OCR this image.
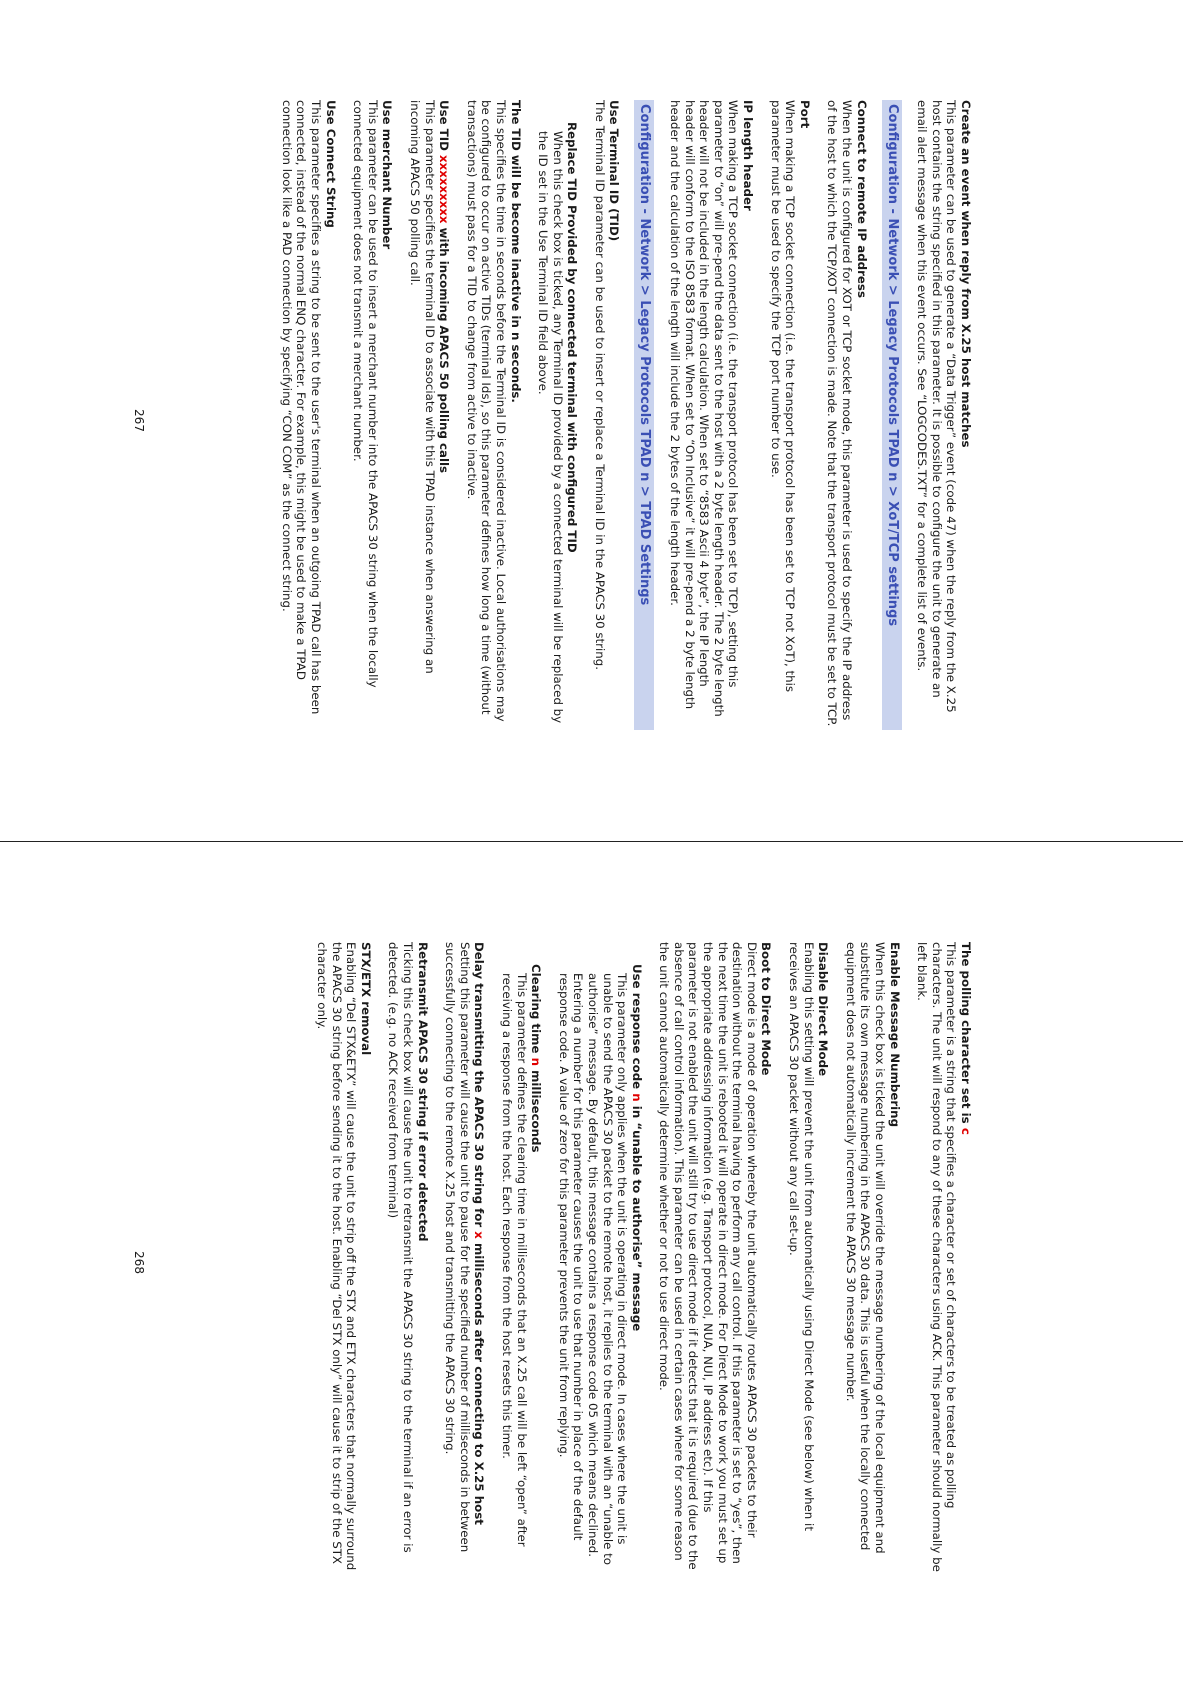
Create an event when reply from X.25 host matches

This parameter can be used to generate a “Data Trigger” event (code 47) when the reply from the X.25 host contains the string specified in this parameter. It is possible to configure the unit to generate an email alert message when this event occurs. See “LOGCODES.TXT” for a complete list of events.

Configuration - Network > Legacy Protocols TPAD n > XoT/TCP settings

Connect to remote IP address

When the unit is configured for XOT or TCP socket mode, this parameter is used to specify the IP address of the host to which the TCP/XOT connection is made. Note that the transport protocol must be set to TCP.

Port

When making a TCP socket connection (i.e. the transport protocol has been set to TCP not XoT), this parameter must be used to specify the TCP port number to use.

IP length header

When making a TCP socket connection (i.e. the transport protocol has been set to TCP), setting this parameter to “on” will pre-pend the data sent to the host with a 2 byte length header. The 2 byte length header will not be included in the length calculation. When set to “8583 Ascii 4 byte”, the IP length header will conform to the ISO 8583 format. When set to “On Inclusive” it will pre-pend a 2 byte length header and the calculation of the length will include the 2 bytes of the length header.

Configuration - Network > Legacy Protocols TPAD n > TPAD Settings

Use Terminal ID (TID)

The Terminal ID parameter can be used to insert or replace a Terminal ID in the APACS 30 string.

Replace TID Provided by connected terminal with configured TID

When this check box is ticked, any Terminal ID provided by a connected terminal will be replaced by the ID set in the Use Terminal ID field above.

The TID will be become inactive in n seconds.

This specifies the time in seconds before the Terminal ID is considered inactive. Local authorisations may be configured to occur on active TIDs (terminal Ids), so this parameter defines how long a time (without transactions) must pass for a TID to change from active to inactive.

Use TID xxxxxxxxx with incoming APACS 50 polling calls

This parameter specifies the terminal ID to associate with this TPAD instance when answering an incoming APACS 50 polling call.

Use merchant Number

This parameter can be used to insert a merchant number into the APACS 30 string when the locally connected equipment does not transmit a merchant number.

Use Connect String

This parameter specifies a string to be sent to the user's terminal when an outgoing TPAD call has been connected, instead of the normal ENQ character. For example, this might be used to make a TPAD connection look like a PAD connection by specifying “CON COM” as the connect string.

267

The polling character set is c

This parameter is a string that specifies a character or set of characters to be treated as polling characters. The unit will respond to any of these characters using ACK. This parameter should normally be left blank.

Enable Message Numbering

When this check box is ticked the unit will override the message numbering of the local equipment and substitute its own message numbering in the APACS 30 data. This is useful when the locally connected equipment does not automatically increment the APACS 30 message number.

Disable Direct Mode

Enabling this setting will prevent the unit from automatically using Direct Mode (see below) when it receives an APACS 30 packet without any call set-up.

Boot to Direct Mode

Direct mode is a mode of operation whereby the unit automatically routes APACS 30 packets to their destination without the terminal having to perform any call control. If this parameter is set to “yes”, then the next time the unit is rebooted it will operate in direct mode. For Direct Mode to work you must set up the appropriate addressing information (e.g. Transport protocol, NUA, NUI, IP address etc). If this parameter is not enabled the unit will still try to use direct mode if it detects that it is required (due to the absence of call control information). This parameter can be used in certain cases where for some reason the unit cannot automatically determine whether or not to use direct mode.

Use response code n in “unable to authorise” message

This parameter only applies when the unit is operating in direct mode. In cases where the unit is unable to send the APACS 30 packet to the remote host, it replies to the terminal with an “unable to authorise” message. By default, this message contains a response code 05 which means declined. Entering a number for this parameter causes the unit to use that number in place of the default response code. A value of zero for this parameter prevents the unit from replying.

Clearing time n milliseconds

This parameter defines the clearing time in milliseconds that an X.25 call will be left “open” after receiving a response from the host. Each response from the host resets this timer.

Delay transmitting the APACS 30 string for x milliseconds after connecting to X.25 host

Setting this parameter will cause the unit to pause for the specified number of milliseconds in between successfully connecting to the remote X.25 host and transmitting the APACS 30 string.

Retransmit APACS 30 string if error detected

Ticking this check box will cause the unit to retransmit the APACS 30 string to the terminal if an error is detected. (e.g. no ACK received from terminal)

STX/ETX removal

Enabling “Del STX&ETX” will cause the unit to strip off the STX and ETX characters that normally surround the APACS 30 string before sending it to the host. Enabling “Del STX only” will cause it to strip of the STX character only.

268
